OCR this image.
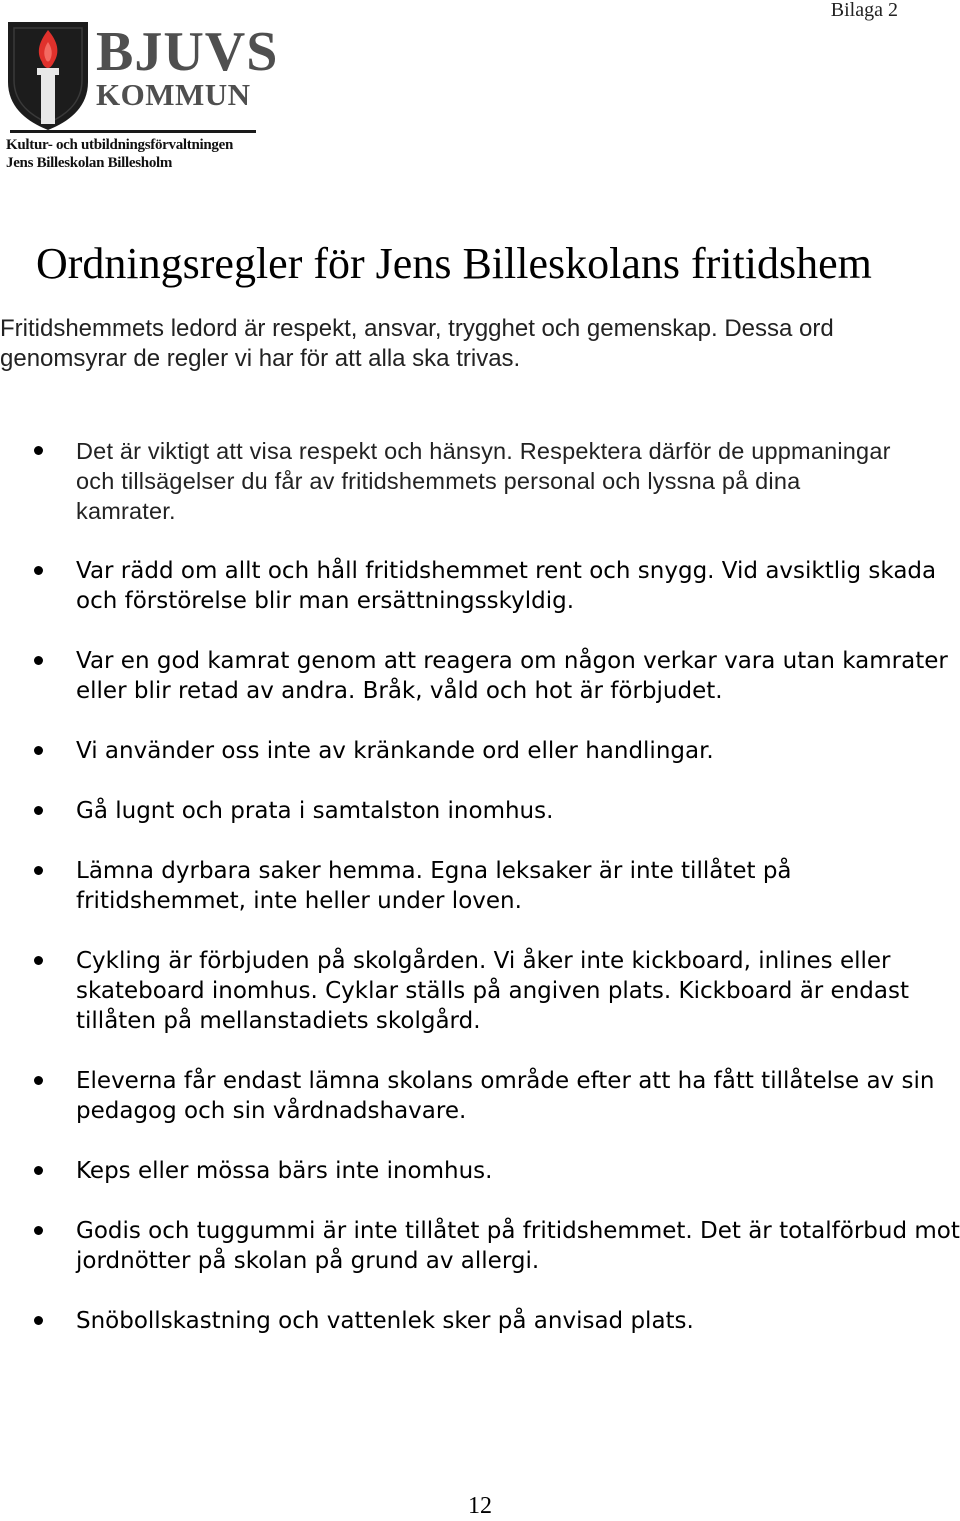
Bilaga 2
BJUVS
KOMMUN
Kultur- och utbildningsförvaltningen
Jens Billeskolan Billesholm
Ordningsregler för Jens Billeskolans fritidshem
Fritidshemmets ledord är respekt, ansvar, trygghet och gemenskap. Dessa ord
genomsyrar de regler vi har för att alla ska trivas.
Det är viktigt att visa respekt och hänsyn. Respektera därför de uppmaningar
och tillsägelser du får av fritidshemmets personal och lyssna på dina
kamrater.
Var rädd om allt och håll fritidshemmet rent och snygg. Vid avsiktlig skada
och förstörelse blir man ersättningsskyldig.
Var en god kamrat genom att reagera om någon verkar vara utan kamrater
eller blir retad av andra. Bråk, våld och hot är förbjudet.
Vi använder oss inte av kränkande ord eller handlingar.
Gå lugnt och prata i samtalston inomhus.
Lämna dyrbara saker hemma. Egna leksaker är inte tillåtet på
fritidshemmet, inte heller under loven.
Cykling är förbjuden på skolgården. Vi åker inte kickboard, inlines eller
skateboard inomhus. Cyklar ställs på angiven plats. Kickboard är endast
tillåten på mellanstadiets skolgård.
Eleverna får endast lämna skolans område efter att ha fått tillåtelse av sin
pedagog och sin vårdnadshavare.
Keps eller mössa bärs inte inomhus.
Godis och tuggummi är inte tillåtet på fritidshemmet. Det är totalförbud mot
jordnötter på skolan på grund av allergi.
Snöbollskastning och vattenlek sker på anvisad plats.
12
